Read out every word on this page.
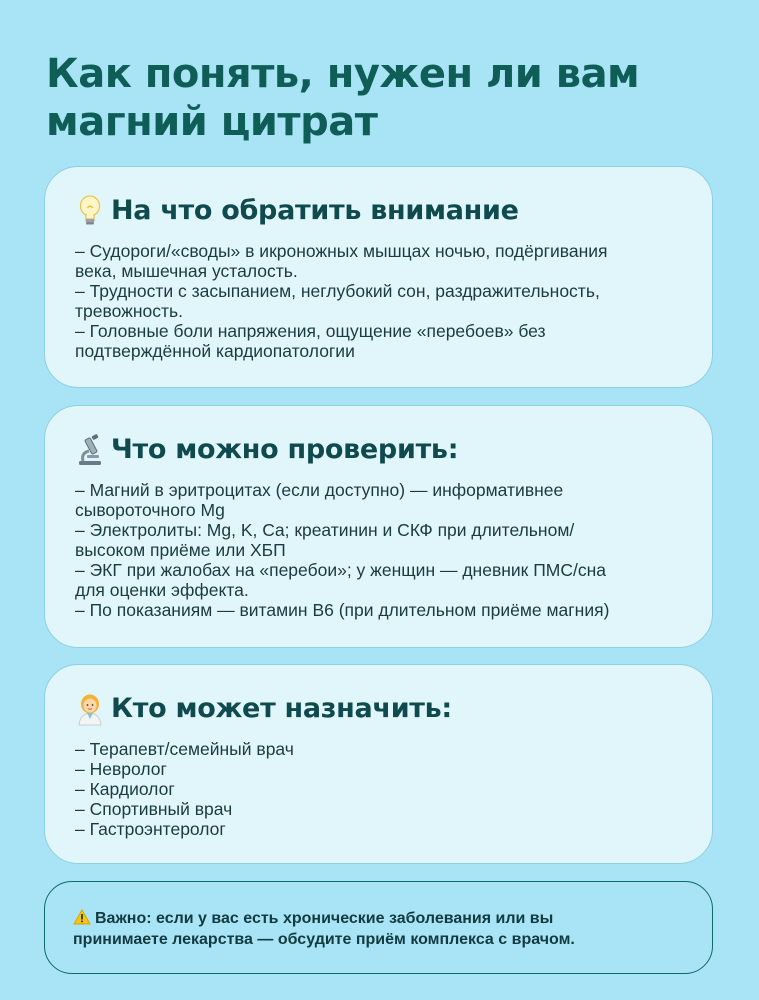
Как понять, нужен ли вам
магний цитрат
На что обратить внимание
– Судороги/«своды» в икроножных мышцах ночью, подёргивания
века, мышечная усталость.
– Трудности с засыпанием, неглубокий сон, раздражительность,
тревожность.
– Головные боли напряжения, ощущение «перебоев» без
подтверждённой кардиопатологии
Что можно проверить:
– Магний в эритроцитах (если доступно) — информативнее
сывороточного Mg
– Электролиты: Mg, K, Ca; креатинин и СКФ при длительном/
высоком приёме или ХБП
– ЭКГ при жалобах на «перебои»; у женщин — дневник ПМС/сна
для оценки эффекта.
– По показаниям — витамин B6 (при длительном приёме магния)
Кто может назначить:
– Терапевт/семейный врач
– Невролог
– Кардиолог
– Спортивный врач
– Гастроэнтеролог
Важно: если у вас есть хронические заболевания или вы
принимаете лекарства — обсудите приём комплекса с врачом.
